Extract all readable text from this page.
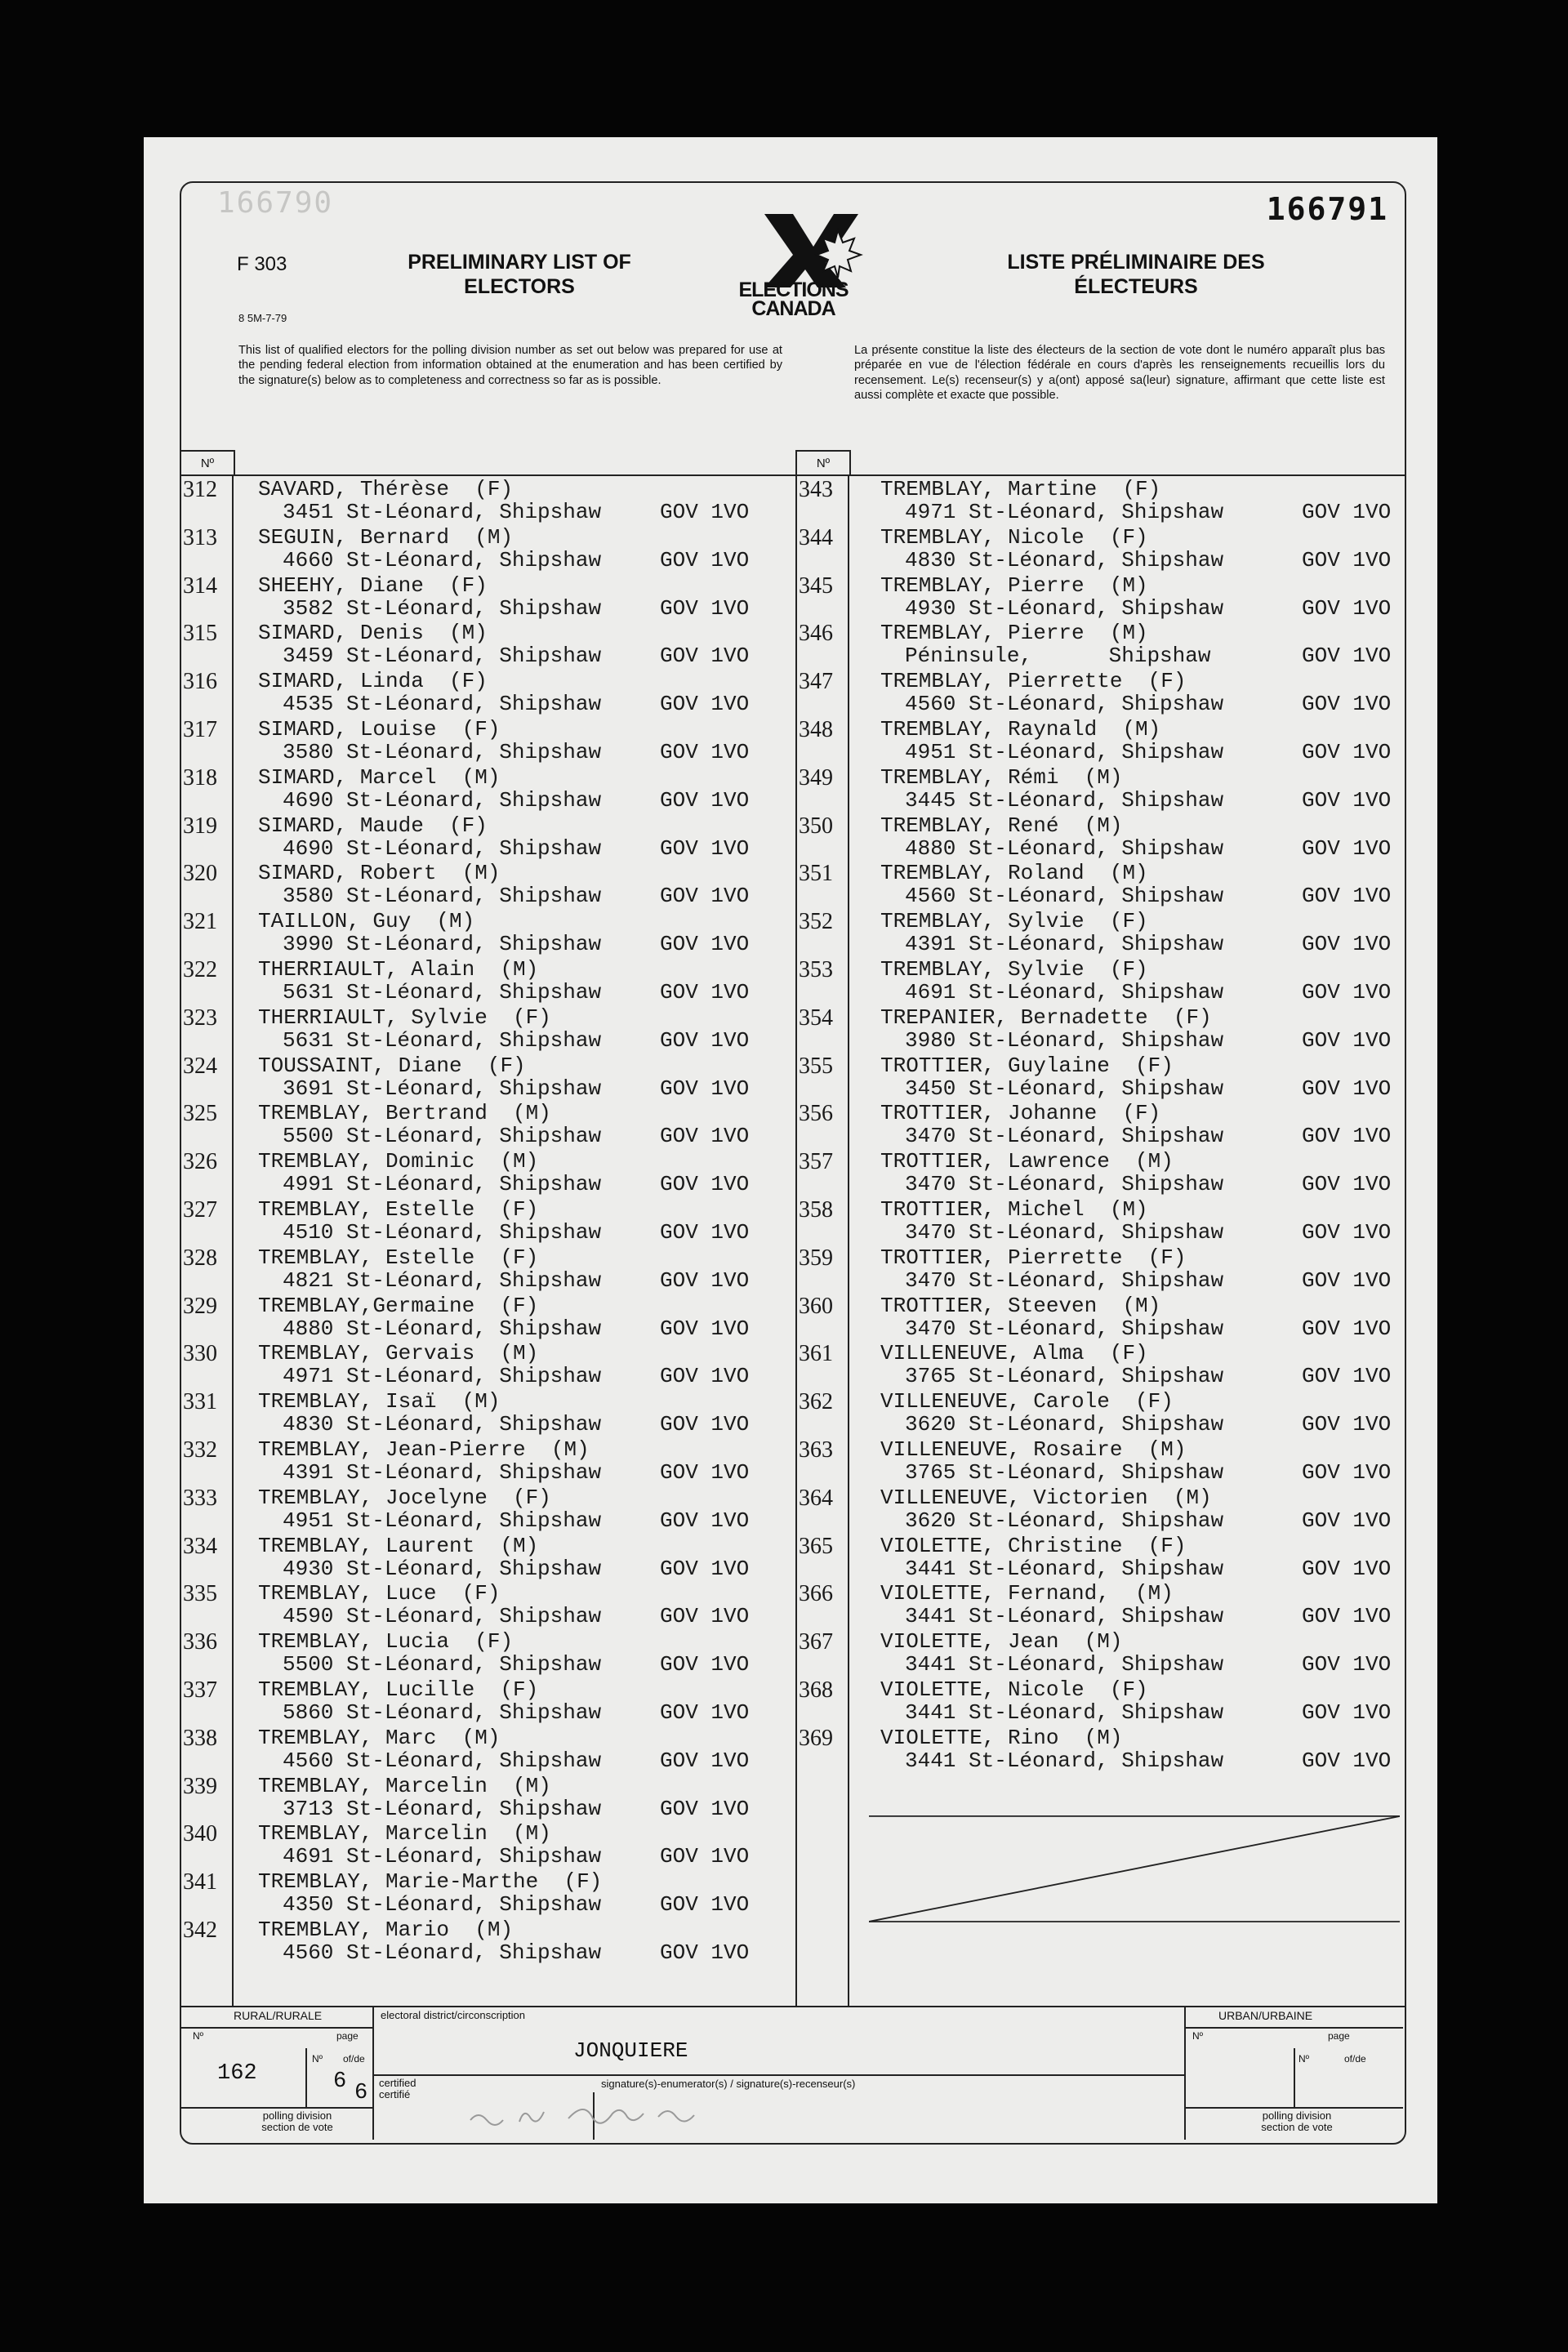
166790	166791
F 303	PRELIMINARY LIST OF
ELECTORS
8 5M-7-79
ELECTIONS
CANADA
LISTE PRÉLIMINAIRE DES
ÉLECTEURS
This list of qualified electors for the polling division number as set out below was prepared for use at the pending federal election from information obtained at the enumeration and has been certified by the signature(s) below as to completeness and correctness so far as is possible.
La présente constitue la liste des électeurs de la section de vote dont le numéro apparaît plus bas préparée en vue de l'élection fédérale en cours d'après les renseignements recueillis lors du recensement. Le(s) recenseur(s) y a(ont) apposé sa(leur) signature, affirmant que cette liste est aussi complète et exacte que possible.
Nº	Nº
312 SAVARD, Thérèse  (F)
3451 St-Léonard, Shipshaw	GOV 1VO
313 SEGUIN, Bernard  (M)
4660 St-Léonard, Shipshaw	GOV 1VO
314 SHEEHY, Diane  (F)
3582 St-Léonard, Shipshaw	GOV 1VO
315 SIMARD, Denis  (M)
3459 St-Léonard, Shipshaw	GOV 1VO
316 SIMARD, Linda  (F)
4535 St-Léonard, Shipshaw	GOV 1VO
317 SIMARD, Louise  (F)
3580 St-Léonard, Shipshaw	GOV 1VO
318 SIMARD, Marcel  (M)
4690 St-Léonard, Shipshaw	GOV 1VO
319 SIMARD, Maude  (F)
4690 St-Léonard, Shipshaw	GOV 1VO
320 SIMARD, Robert  (M)
3580 St-Léonard, Shipshaw	GOV 1VO
321 TAILLON, Guy  (M)
3990 St-Léonard, Shipshaw	GOV 1VO
322 THERRIAULT, Alain  (M)
5631 St-Léonard, Shipshaw	GOV 1VO
323 THERRIAULT, Sylvie  (F)
5631 St-Léonard, Shipshaw	GOV 1VO
324 TOUSSAINT, Diane  (F)
3691 St-Léonard, Shipshaw	GOV 1VO
325 TREMBLAY, Bertrand  (M)
5500 St-Léonard, Shipshaw	GOV 1VO
326 TREMBLAY, Dominic  (M)
4991 St-Léonard, Shipshaw	GOV 1VO
327 TREMBLAY, Estelle  (F)
4510 St-Léonard, Shipshaw	GOV 1VO
328 TREMBLAY, Estelle  (F)
4821 St-Léonard, Shipshaw	GOV 1VO
329 TREMBLAY,Germaine  (F)
4880 St-Léonard, Shipshaw	GOV 1VO
330 TREMBLAY, Gervais  (M)
4971 St-Léonard, Shipshaw	GOV 1VO
331 TREMBLAY, Isaï  (M)
4830 St-Léonard, Shipshaw	GOV 1VO
332 TREMBLAY, Jean-Pierre  (M)
4391 St-Léonard, Shipshaw	GOV 1VO
333 TREMBLAY, Jocelyne  (F)
4951 St-Léonard, Shipshaw	GOV 1VO
334 TREMBLAY, Laurent  (M)
4930 St-Léonard, Shipshaw	GOV 1VO
335 TREMBLAY, Luce  (F)
4590 St-Léonard, Shipshaw	GOV 1VO
336 TREMBLAY, Lucia  (F)
5500 St-Léonard, Shipshaw	GOV 1VO
337 TREMBLAY, Lucille  (F)
5860 St-Léonard, Shipshaw	GOV 1VO
338 TREMBLAY, Marc  (M)
4560 St-Léonard, Shipshaw	GOV 1VO
339 TREMBLAY, Marcelin  (M)
3713 St-Léonard, Shipshaw	GOV 1VO
340 TREMBLAY, Marcelin  (M)
4691 St-Léonard, Shipshaw	GOV 1VO
341 TREMBLAY, Marie-Marthe  (F)
4350 St-Léonard, Shipshaw	GOV 1VO
342 TREMBLAY, Mario  (M)
4560 St-Léonard, Shipshaw	GOV 1VO
343 TREMBLAY, Martine  (F)
4971 St-Léonard, Shipshaw	GOV 1VO
344 TREMBLAY, Nicole  (F)
4830 St-Léonard, Shipshaw	GOV 1VO
345 TREMBLAY, Pierre  (M)
4930 St-Léonard, Shipshaw	GOV 1VO
346 TREMBLAY, Pierre  (M)
Péninsule,      Shipshaw	GOV 1VO
347 TREMBLAY, Pierrette  (F)
4560 St-Léonard, Shipshaw	GOV 1VO
348 TREMBLAY, Raynald  (M)
4951 St-Léonard, Shipshaw	GOV 1VO
349 TREMBLAY, Rémi  (M)
3445 St-Léonard, Shipshaw	GOV 1VO
350 TREMBLAY, René  (M)
4880 St-Léonard, Shipshaw	GOV 1VO
351 TREMBLAY, Roland  (M)
4560 St-Léonard, Shipshaw	GOV 1VO
352 TREMBLAY, Sylvie  (F)
4391 St-Léonard, Shipshaw	GOV 1VO
353 TREMBLAY, Sylvie  (F)
4691 St-Léonard, Shipshaw	GOV 1VO
354 TREPANIER, Bernadette  (F)
3980 St-Léonard, Shipshaw	GOV 1VO
355 TROTTIER, Guylaine  (F)
3450 St-Léonard, Shipshaw	GOV 1VO
356 TROTTIER, Johanne  (F)
3470 St-Léonard, Shipshaw	GOV 1VO
357 TROTTIER, Lawrence  (M)
3470 St-Léonard, Shipshaw	GOV 1VO
358 TROTTIER, Michel  (M)
3470 St-Léonard, Shipshaw	GOV 1VO
359 TROTTIER, Pierrette  (F)
3470 St-Léonard, Shipshaw	GOV 1VO
360 TROTTIER, Steeven  (M)
3470 St-Léonard, Shipshaw	GOV 1VO
361 VILLENEUVE, Alma  (F)
3765 St-Léonard, Shipshaw	GOV 1VO
362 VILLENEUVE, Carole  (F)
3620 St-Léonard, Shipshaw	GOV 1VO
363 VILLENEUVE, Rosaire  (M)
3765 St-Léonard, Shipshaw	GOV 1VO
364 VILLENEUVE, Victorien  (M)
3620 St-Léonard, Shipshaw	GOV 1VO
365 VIOLETTE, Christine  (F)
3441 St-Léonard, Shipshaw	GOV 1VO
366 VIOLETTE, Fernand,  (M)
3441 St-Léonard, Shipshaw	GOV 1VO
367 VIOLETTE, Jean  (M)
3441 St-Léonard, Shipshaw	GOV 1VO
368 VIOLETTE, Nicole  (F)
3441 St-Léonard, Shipshaw	GOV 1VO
369 VIOLETTE, Rino  (M)
3441 St-Léonard, Shipshaw	GOV 1VO
RURAL/RURALE	URBAN/URBAINE
electoral district/circonscription
JONQUIERE
Nº	page
Nº of/de
162	6 6
polling division
section de vote
Nº	page
Nº	of/de
polling division
section de vote
certified
certifié
signature(s)-enumerator(s) / signature(s)-recenseur(s)
